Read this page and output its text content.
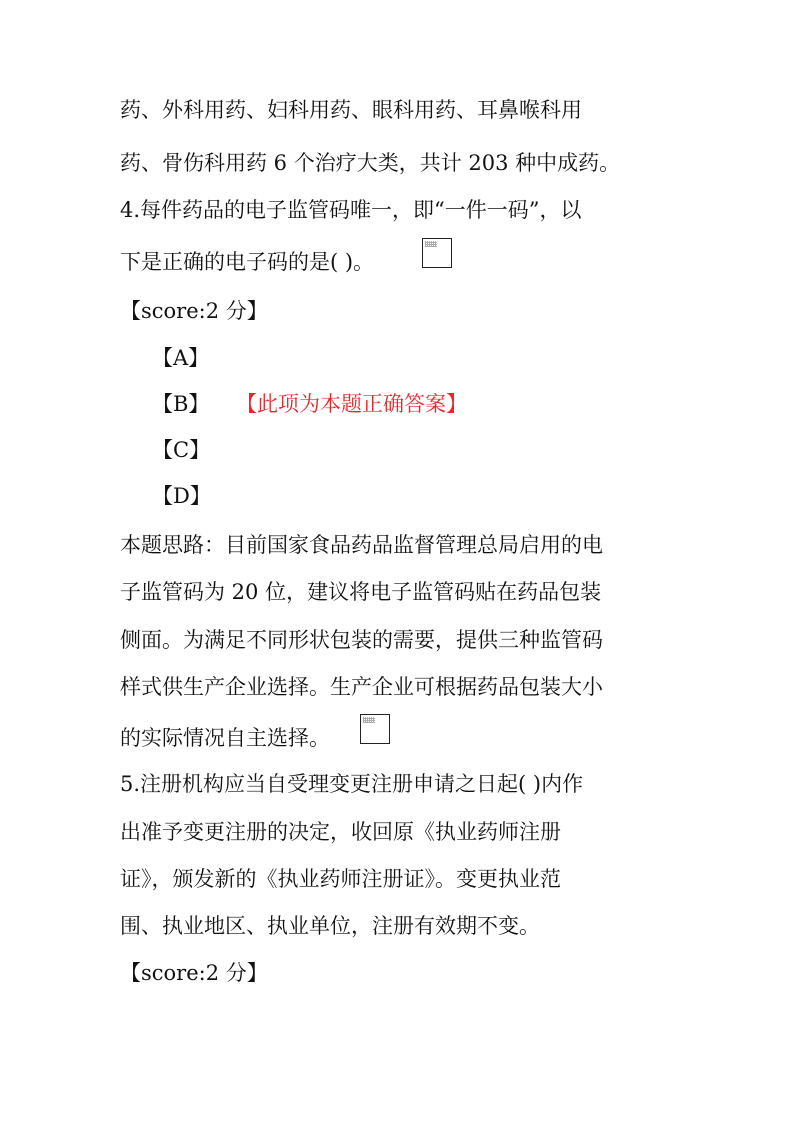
药、外科用药、妇科用药、眼科用药、耳鼻喉科用
药、骨伤科用药 6 个治疗大类，共计 203 种中成药。
4.每件药品的电子监管码唯一，即“一件一码”，以
下是正确的电子码的是( )。
【score:2 分】
【A】
【B】 【此项为本题正确答案】
【C】
【D】
本题思路：目前国家食品药品监督管理总局启用的电
子监管码为 20 位，建议将电子监管码贴在药品包装
侧面。为满足不同形状包装的需要，提供三种监管码
样式供生产企业选择。生产企业可根据药品包装大小
的实际情况自主选择。
5.注册机构应当自受理变更注册申请之日起( )内作
出准予变更注册的决定，收回原《执业药师注册
证》，颁发新的《执业药师注册证》。变更执业范
围、执业地区、执业单位，注册有效期不变。
【score:2 分】
